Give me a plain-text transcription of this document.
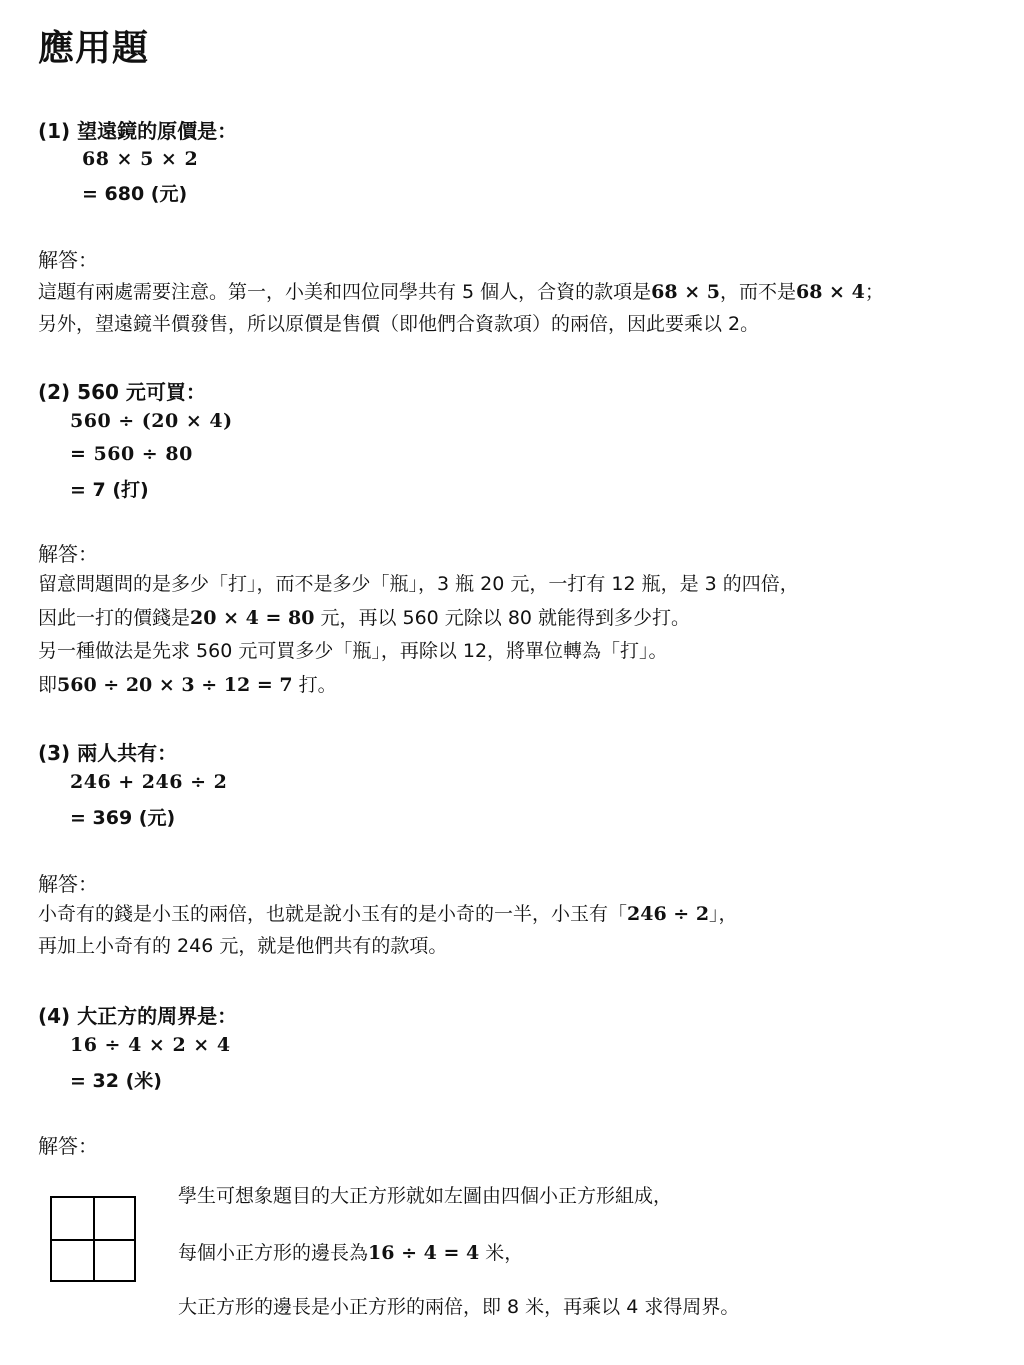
應用題
(1) 望遠鏡的原價是：
68 × 5 × 2
= 680 (元)
解答：
這題有兩處需要注意。第一，小美和四位同學共有 5 個人，合資的款項是68 × 5，而不是68 × 4；
另外，望遠鏡半價發售，所以原價是售價（即他們合資款項）的兩倍，因此要乘以 2。
(2) 560 元可買：
560 ÷ (20 × 4)
= 560 ÷ 80
= 7 (打)
解答：
留意問題問的是多少「打」，而不是多少「瓶」，3 瓶 20 元，一打有 12 瓶，是 3 的四倍，
因此一打的價錢是20 × 4 = 80 元，再以 560 元除以 80 就能得到多少打。
另一種做法是先求 560 元可買多少「瓶」，再除以 12，將單位轉為「打」。
即560 ÷ 20 × 3 ÷ 12 = 7 打。
(3) 兩人共有：
246 + 246 ÷ 2
= 369 (元)
解答：
小奇有的錢是小玉的兩倍，也就是說小玉有的是小奇的一半，小玉有「246 ÷ 2」，
再加上小奇有的 246 元，就是他們共有的款項。
(4) 大正方的周界是：
16 ÷ 4 × 2 × 4
= 32 (米)
解答：
學生可想象題目的大正方形就如左圖由四個小正方形組成，
每個小正方形的邊長為16 ÷ 4 = 4 米，
大正方形的邊長是小正方形的兩倍，即 8 米，再乘以 4 求得周界。
